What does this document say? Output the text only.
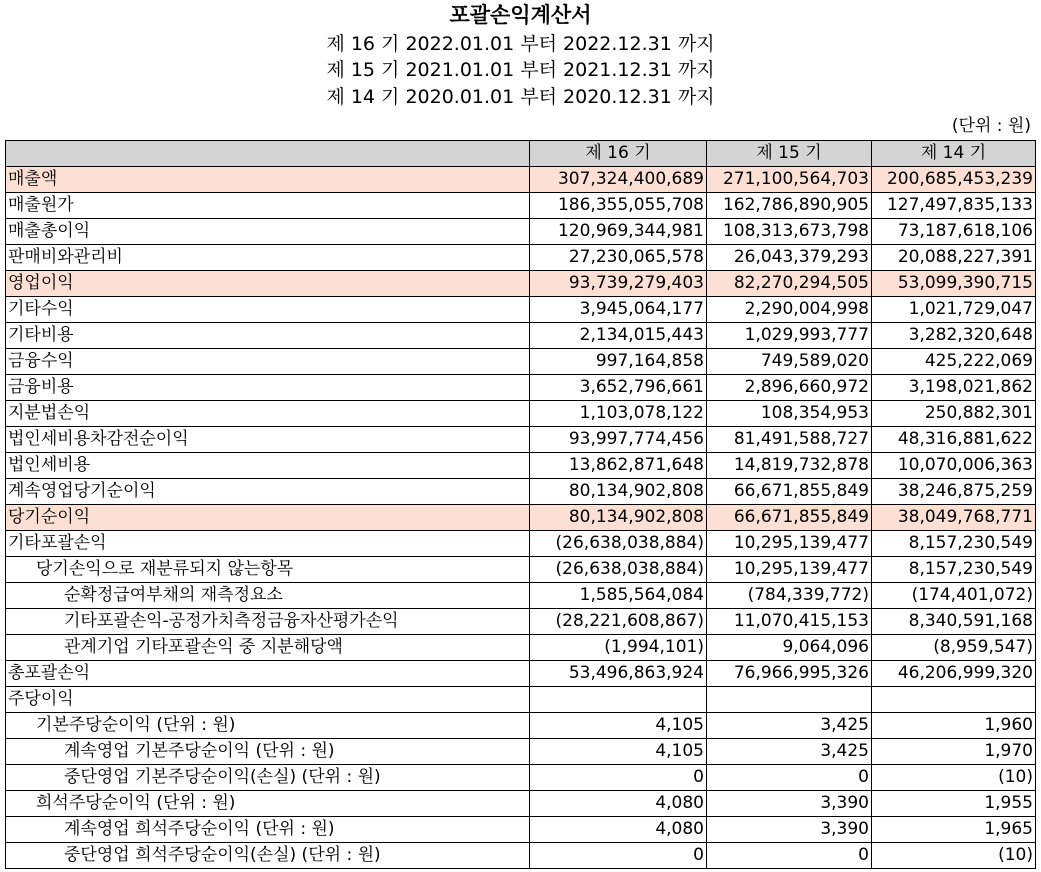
포괄손익계산서
제 16 기 2022.01.01 부터 2022.12.31 까지
제 15 기 2021.01.01 부터 2021.12.31 까지
제 14 기 2020.01.01 부터 2020.12.31 까지
(단위 : 원)
	제 16 기	제 15 기	제 14 기
매출액	307,324,400,689	271,100,564,703	200,685,453,239
매출원가	186,355,055,708	162,786,890,905	127,497,835,133
매출총이익	120,969,344,981	108,313,673,798	73,187,618,106
판매비와관리비	27,230,065,578	26,043,379,293	20,088,227,391
영업이익	93,739,279,403	82,270,294,505	53,099,390,715
기타수익	3,945,064,177	2,290,004,998	1,021,729,047
기타비용	2,134,015,443	1,029,993,777	3,282,320,648
금융수익	997,164,858	749,589,020	425,222,069
금융비용	3,652,796,661	2,896,660,972	3,198,021,862
지분법손익	1,103,078,122	108,354,953	250,882,301
법인세비용차감전순이익	93,997,774,456	81,491,588,727	48,316,881,622
법인세비용	13,862,871,648	14,819,732,878	10,070,006,363
계속영업당기순이익	80,134,902,808	66,671,855,849	38,246,875,259
당기순이익	80,134,902,808	66,671,855,849	38,049,768,771
기타포괄손익	(26,638,038,884)	10,295,139,477	8,157,230,549
당기손익으로 재분류되지 않는항목	(26,638,038,884)	10,295,139,477	8,157,230,549
순확정급여부채의 재측정요소	1,585,564,084	(784,339,772)	(174,401,072)
기타포괄손익-공정가치측정금융자산평가손익	(28,221,608,867)	11,070,415,153	8,340,591,168
관계기업 기타포괄손익 중 지분해당액	(1,994,101)	9,064,096	(8,959,547)
총포괄손익	53,496,863,924	76,966,995,326	46,206,999,320
주당이익			
기본주당순이익 (단위 : 원)	4,105	3,425	1,960
계속영업 기본주당순이익 (단위 : 원)	4,105	3,425	1,970
중단영업 기본주당순이익(손실) (단위 : 원)	0	0	(10)
희석주당순이익 (단위 : 원)	4,080	3,390	1,955
계속영업 희석주당순이익 (단위 : 원)	4,080	3,390	1,965
중단영업 희석주당순이익(손실) (단위 : 원)	0	0	(10)
